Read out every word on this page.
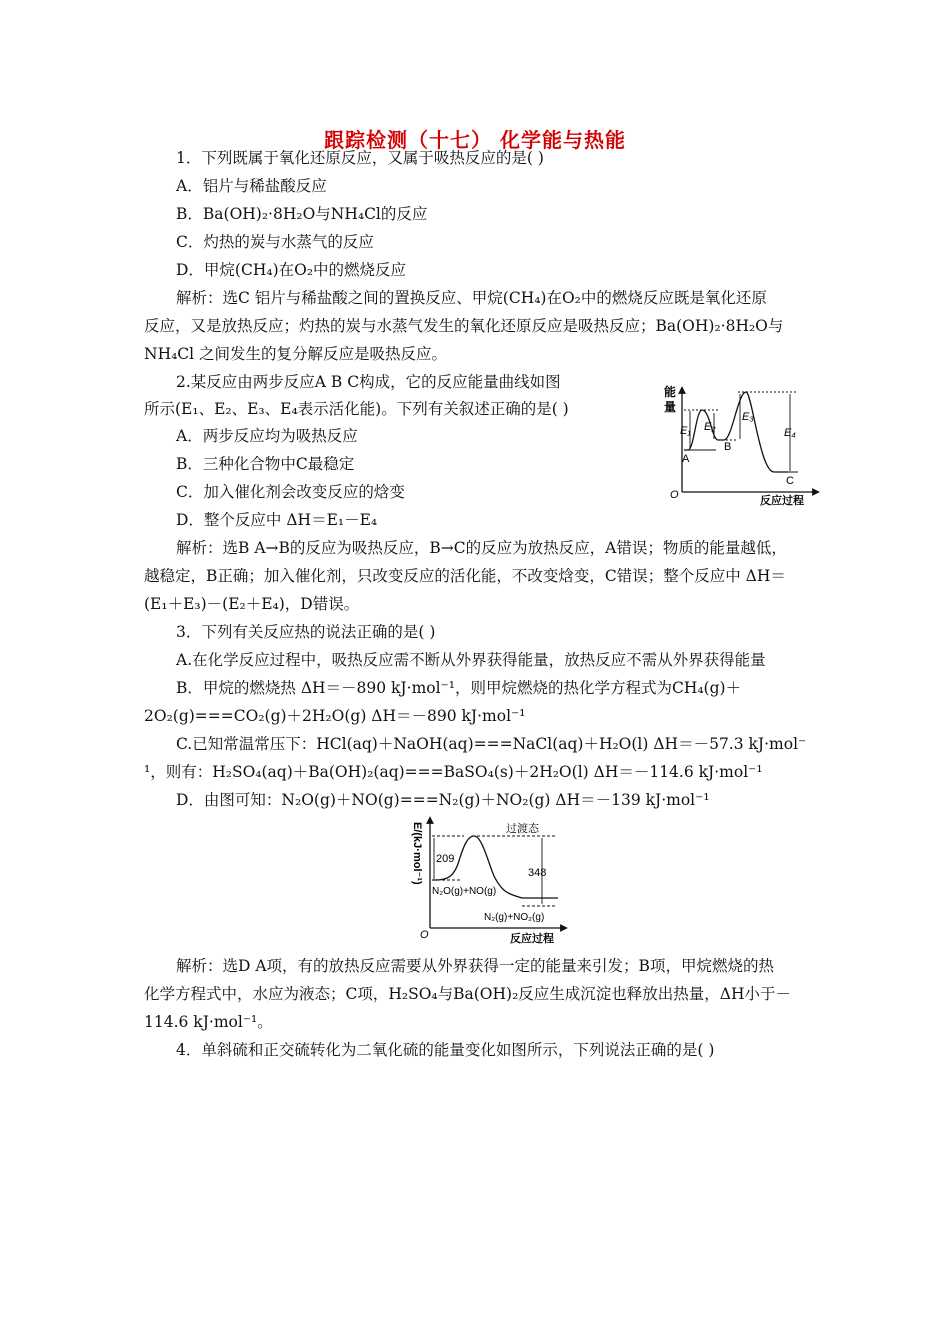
跟踪检测（十七） 化学能与热能
1．下列既属于氧化还原反应，又属于吸热反应的是( )
A．铝片与稀盐酸反应
B．Ba(OH)₂·8H₂O与NH₄Cl的反应
C．灼热的炭与水蒸气的反应
D．甲烷(CH₄)在O₂中的燃烧反应
解析：选C 铝片与稀盐酸之间的置换反应、甲烷(CH₄)在O₂中的燃烧反应既是氧化还原
反应，又是放热反应；灼热的炭与水蒸气发生的氧化还原反应是吸热反应；Ba(OH)₂·8H₂O与
NH₄Cl 之间发生的复分解反应是吸热反应。
2.某反应由两步反应A B C构成，它的反应能量曲线如图
所示(E₁、E₂、E₃、E₄表示活化能)。下列有关叙述正确的是( )
A．两步反应均为吸热反应
B．三种化合物中C最稳定
C．加入催化剂会改变反应的焓变
D．整个反应中 ΔH＝E₁－E₄
能
量
O	反应过程
E₁ E₂
E₃
E₄
A
B
C
解析：选B A→B的反应为吸热反应，B→C的反应为放热反应，A错误；物质的能量越低，
越稳定，B正确；加入催化剂，只改变反应的活化能，不改变焓变，C错误；整个反应中 ΔH＝
(E₁＋E₃)－(E₂＋E₄)，D错误。
3．下列有关反应热的说法正确的是( )
A.在化学反应过程中，吸热反应需不断从外界获得能量，放热反应不需从外界获得能量
B．甲烷的燃烧热 ΔH＝－890 kJ·mol⁻¹，则甲烷燃烧的热化学方程式为CH₄(g)＋
2O₂(g)===CO₂(g)＋2H₂O(g) ΔH＝－890 kJ·mol⁻¹
C.已知常温常压下：HCl(aq)＋NaOH(aq)===NaCl(aq)＋H₂O(l) ΔH＝－57.3 kJ·mol⁻
¹，则有：H₂SO₄(aq)＋Ba(OH)₂(aq)===BaSO₄(s)＋2H₂O(l) ΔH＝－114.6 kJ·mol⁻¹
D．由图可知：N₂O(g)＋NO(g)===N₂(g)＋NO₂(g) ΔH＝－139 kJ·mol⁻¹
E/(kJ·mol⁻¹)
O	反应过程
过渡态
209
348
N₂O(g)+NO(g)
N₂(g)+NO₂(g)
解析：选D A项，有的放热反应需要从外界获得一定的能量来引发；B项，甲烷燃烧的热
化学方程式中，水应为液态；C项，H₂SO₄与Ba(OH)₂反应生成沉淀也释放出热量，ΔH小于－
114.6 kJ·mol⁻¹。
4．单斜硫和正交硫转化为二氧化硫的能量变化如图所示，下列说法正确的是( )
